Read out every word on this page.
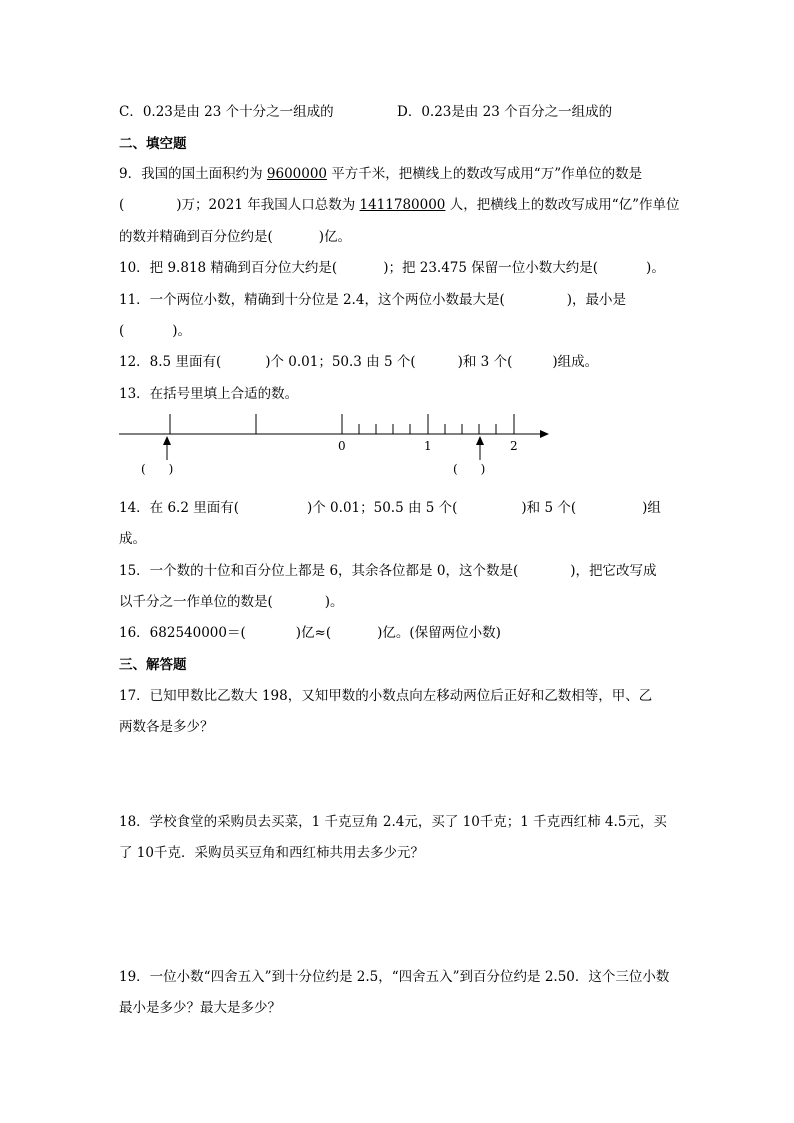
C．0.23是由 23 个十分之一组成的	D．0.23是由 23 个百分之一组成的
二、填空题
9．我国的国土面积约为 9600000 平方千米，把横线上的数改写成用“万”作单位的数是
(	)万；2021 年我国人口总数为 1411780000 人，把横线上的数改写成用“亿”作单位
的数并精确到百分位约是(	)亿。
10．把 9.818 精确到百分位大约是(	)；把 23.475 保留一位小数大约是(	)。
11．一个两位小数，精确到十分位是 2.4，这个两位小数最大是(	)，最小是
(	)。
12．8.5 里面有(	)个 0.01；50.3 由 5 个(	)和 3 个(	)组成。
13．在括号里填上合适的数。
0	1	2
(      )	(      )
14．在 6.2 里面有(	)个 0.01；50.5 由 5 个(	)和 5 个(	)组
成。
15．一个数的十位和百分位上都是 6，其余各位都是 0，这个数是(	)，把它改写成
以千分之一作单位的数是(	)。
16．682540000＝(	)亿≈(	)亿。(保留两位小数)
三、解答题
17．已知甲数比乙数大 198，又知甲数的小数点向左移动两位后正好和乙数相等，甲、乙
两数各是多少？
18．学校食堂的采购员去买菜，1 千克豆角 2.4元，买了 10千克；1 千克西红柿 4.5元，买
了 10千克．采购员买豆角和西红柿共用去多少元？
19．一位小数“四舍五入”到十分位约是 2.5，“四舍五入”到百分位约是 2.50．这个三位小数
最小是多少？最大是多少？
